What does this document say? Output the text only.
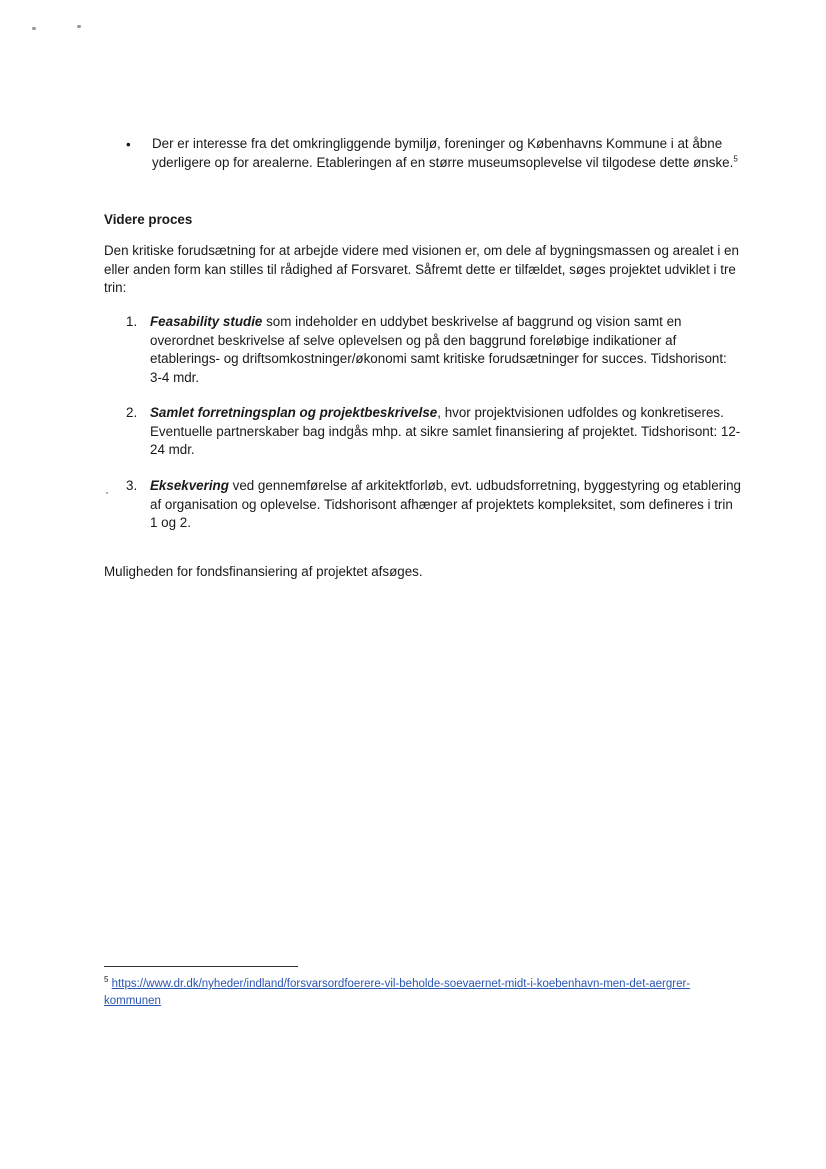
• Der er interesse fra det omkringliggende bymiljø, foreninger og Københavns Kommune i at åbne yderligere op for arealerne. Etableringen af en større museumsoplevelse vil tilgodese dette ønske.$^5$
Videre proces
Den kritiske forudsætning for at arbejde videre med visionen er, om dele af bygningsmassen og arealet i en eller anden form kan stilles til rådighed af Forsvaret. Såfremt dette er tilfældet, søges projektet udviklet i tre trin:
1. Feasability studie som indeholder en uddybet beskrivelse af baggrund og vision samt en overordnet beskrivelse af selve oplevelsen og på den baggrund foreløbige indikationer af etablerings- og driftsomkostninger/økonomi samt kritiske forudsætninger for succes. Tidshorisont: 3-4 mdr.
2. Samlet forretningsplan og projektbeskrivelse, hvor projektvisionen udfoldes og konkretiseres. Eventuelle partnerskaber bag indgås mhp. at sikre samlet finansiering af projektet. Tidshorisont: 12-24 mdr.
3. Eksekvering ved gennemførelse af arkitektforløb, evt. udbudsforretning, byggestyring og etablering af organisation og oplevelse. Tidshorisont afhænger af projektets kompleksitet, som defineres i trin 1 og 2.
Muligheden for fondsfinansiering af projektet afsøges.
$^5$ https://www.dr.dk/nyheder/indland/forsvarsordfoerere-vil-beholde-soevaernet-midt-i-koebenhavn-men-det-aergrer-kommunen
